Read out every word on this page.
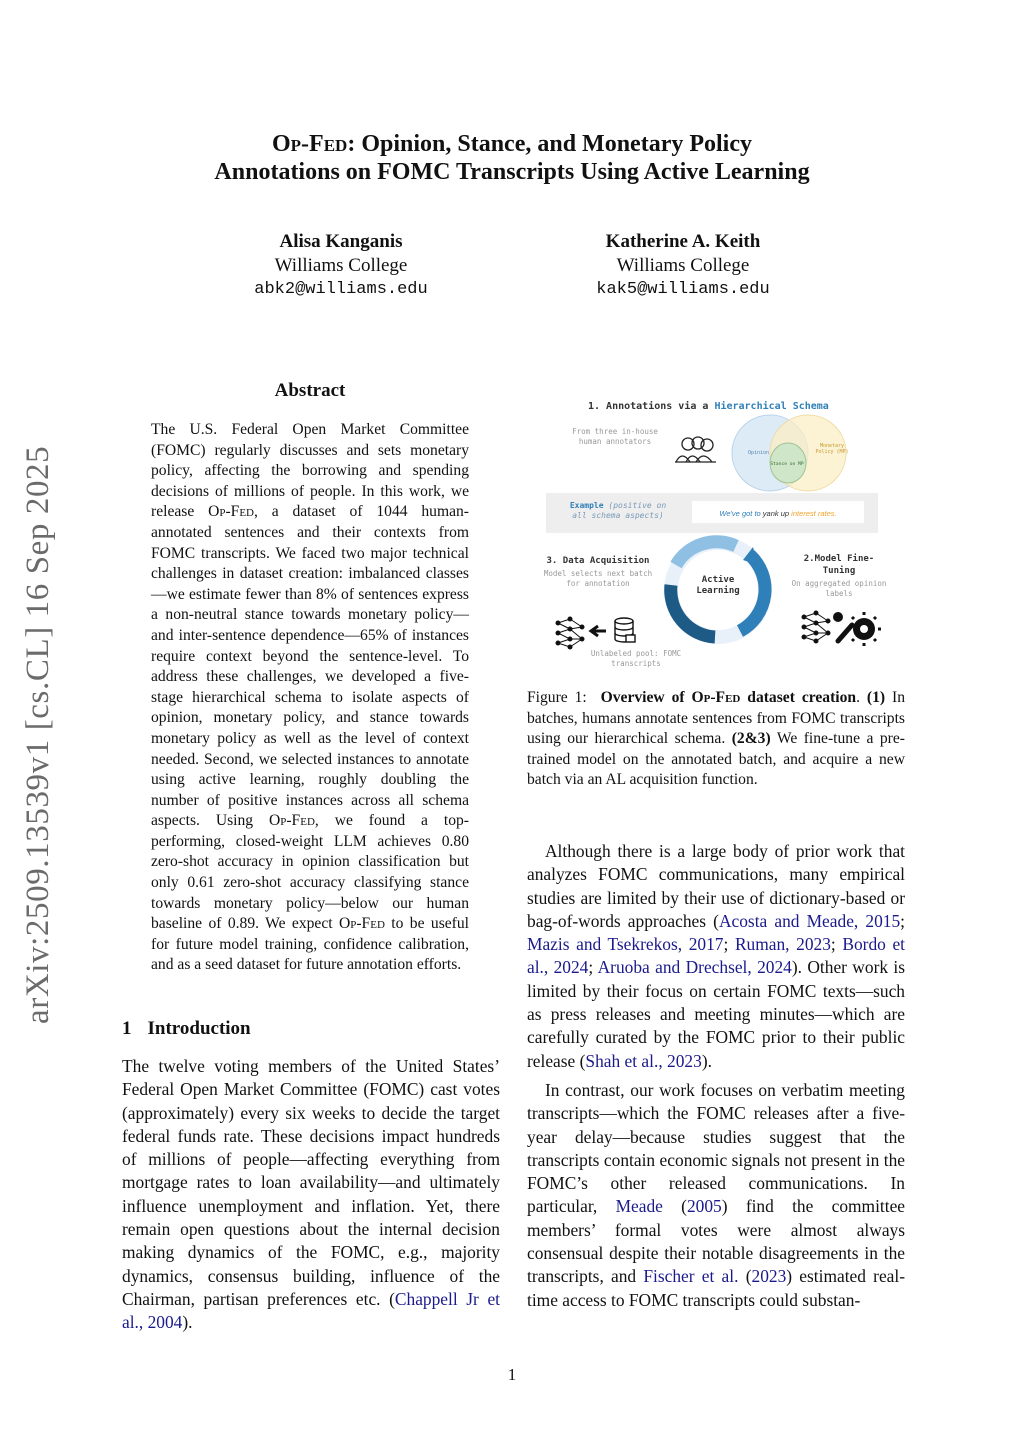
arXiv:2509.13539v1 [cs.CL] 16 Sep 2025
Op-Fed: Opinion, Stance, and Monetary Policy
Annotations on FOMC Transcripts Using Active Learning
Alisa Kanganis
Williams College
abk2@williams.edu
Katherine A. Keith
Williams College
kak5@williams.edu
Abstract
The U.S. Federal Open Market Committee (FOMC) regularly discusses and sets monetary policy, affecting the borrowing and spending decisions of millions of people. In this work, we release Op-Fed, a dataset of 1044 human-annotated sentences and their contexts from FOMC transcripts. We faced two major technical challenges in dataset creation: imbalanced classes—we estimate fewer than 8% of sentences express a non-neutral stance towards monetary policy—and inter-sentence dependence—65% of instances require context beyond the sentence-level. To address these challenges, we developed a five-stage hierarchical schema to isolate aspects of opinion, monetary policy, and stance towards monetary policy as well as the level of context needed. Second, we selected instances to annotate using active learning, roughly doubling the number of positive instances across all schema aspects. Using Op-Fed, we found a top-performing, closed-weight LLM achieves 0.80 zero-shot accuracy in opinion classification but only 0.61 zero-shot accuracy classifying stance towards monetary policy—below our human baseline of 0.89. We expect Op-Fed to be useful for future model training, confidence calibration, and as a seed dataset for future annotation efforts.
1 Introduction
The twelve voting members of the United States’ Federal Open Market Committee (FOMC) cast votes (approximately) every six weeks to decide the target federal funds rate. These decisions impact hundreds of millions of people—affecting everything from mortgage rates to loan availability—and ultimately influence unemployment and inflation. Yet, there remain open questions about the internal decision making dynamics of the FOMC, e.g., majority dynamics, consensus building, influence of the Chairman, partisan preferences etc. (Chappell Jr et al., 2004).
1. Annotations via a Hierarchical Schema
From three in-house human annotators
Opinion
Monetary Policy (MP)
Stance on MP
Example (positive on all schema aspects)	We've got to yank up interest rates.
3. Data Acquisition
Model selects next batch for annotation	Active Learning
2.Model Fine-Tuning
On aggregated opinion labels
Unlabeled pool: FOMC transcripts
Figure 1: Overview of Op-Fed dataset creation. (1) In batches, humans annotate sentences from FOMC transcripts using our hierarchical schema. (2&3) We fine-tune a pre-trained model on the annotated batch, and acquire a new batch via an AL acquisition function.

Although there is a large body of prior work that analyzes FOMC communications, many empirical studies are limited by their use of dictionary-based or bag-of-words approaches (Acosta and Meade, 2015; Mazis and Tsekrekos, 2017; Ruman, 2023; Bordo et al., 2024; Aruoba and Drechsel, 2024). Other work is limited by their focus on certain FOMC texts—such as press releases and meeting minutes—which are carefully curated by the FOMC prior to their public release (Shah et al., 2023).

In contrast, our work focuses on verbatim meeting transcripts—which the FOMC releases after a five-year delay—because studies suggest that the transcripts contain economic signals not present in the FOMC’s other released communications. In particular, Meade (2005) find the committee members’ formal votes were almost always consensual despite their notable disagreements in the transcripts, and Fischer et al. (2023) estimated real-time access to FOMC transcripts could substan-

1
